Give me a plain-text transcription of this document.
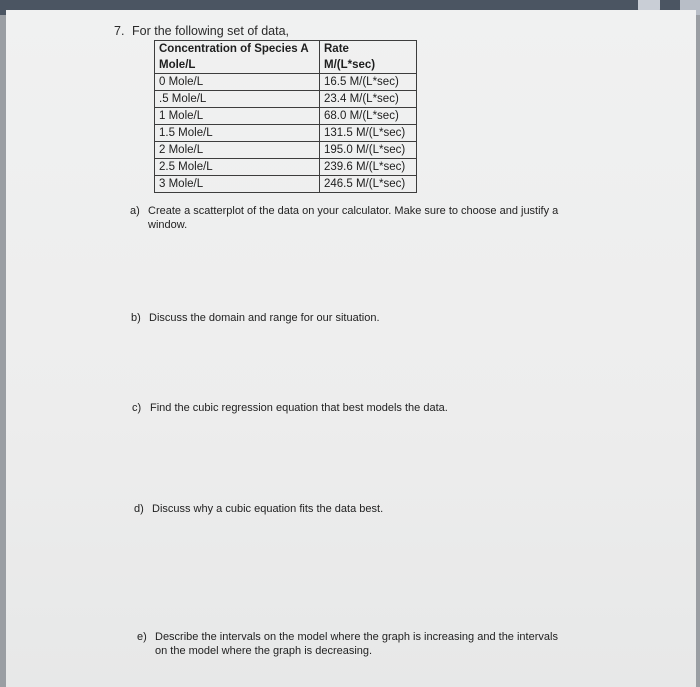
7. For the following set of data,
Concentration of Species A	Rate
Mole/L	M/(L*sec)
0 Mole/L	16.5 M/(L*sec)
.5 Mole/L	23.4 M/(L*sec)
1 Mole/L	68.0 M/(L*sec)
1.5 Mole/L	131.5 M/(L*sec)
2 Mole/L	195.0 M/(L*sec)
2.5 Mole/L	239.6 M/(L*sec)
3 Mole/L	246.5 M/(L*sec)
a) Create a scatterplot of the data on your calculator. Make sure to choose and justify a
window.
b) Discuss the domain and range for our situation.
c) Find the cubic regression equation that best models the data.
d) Discuss why a cubic equation fits the data best.
e) Describe the intervals on the model where the graph is increasing and the intervals
on the model where the graph is decreasing.
